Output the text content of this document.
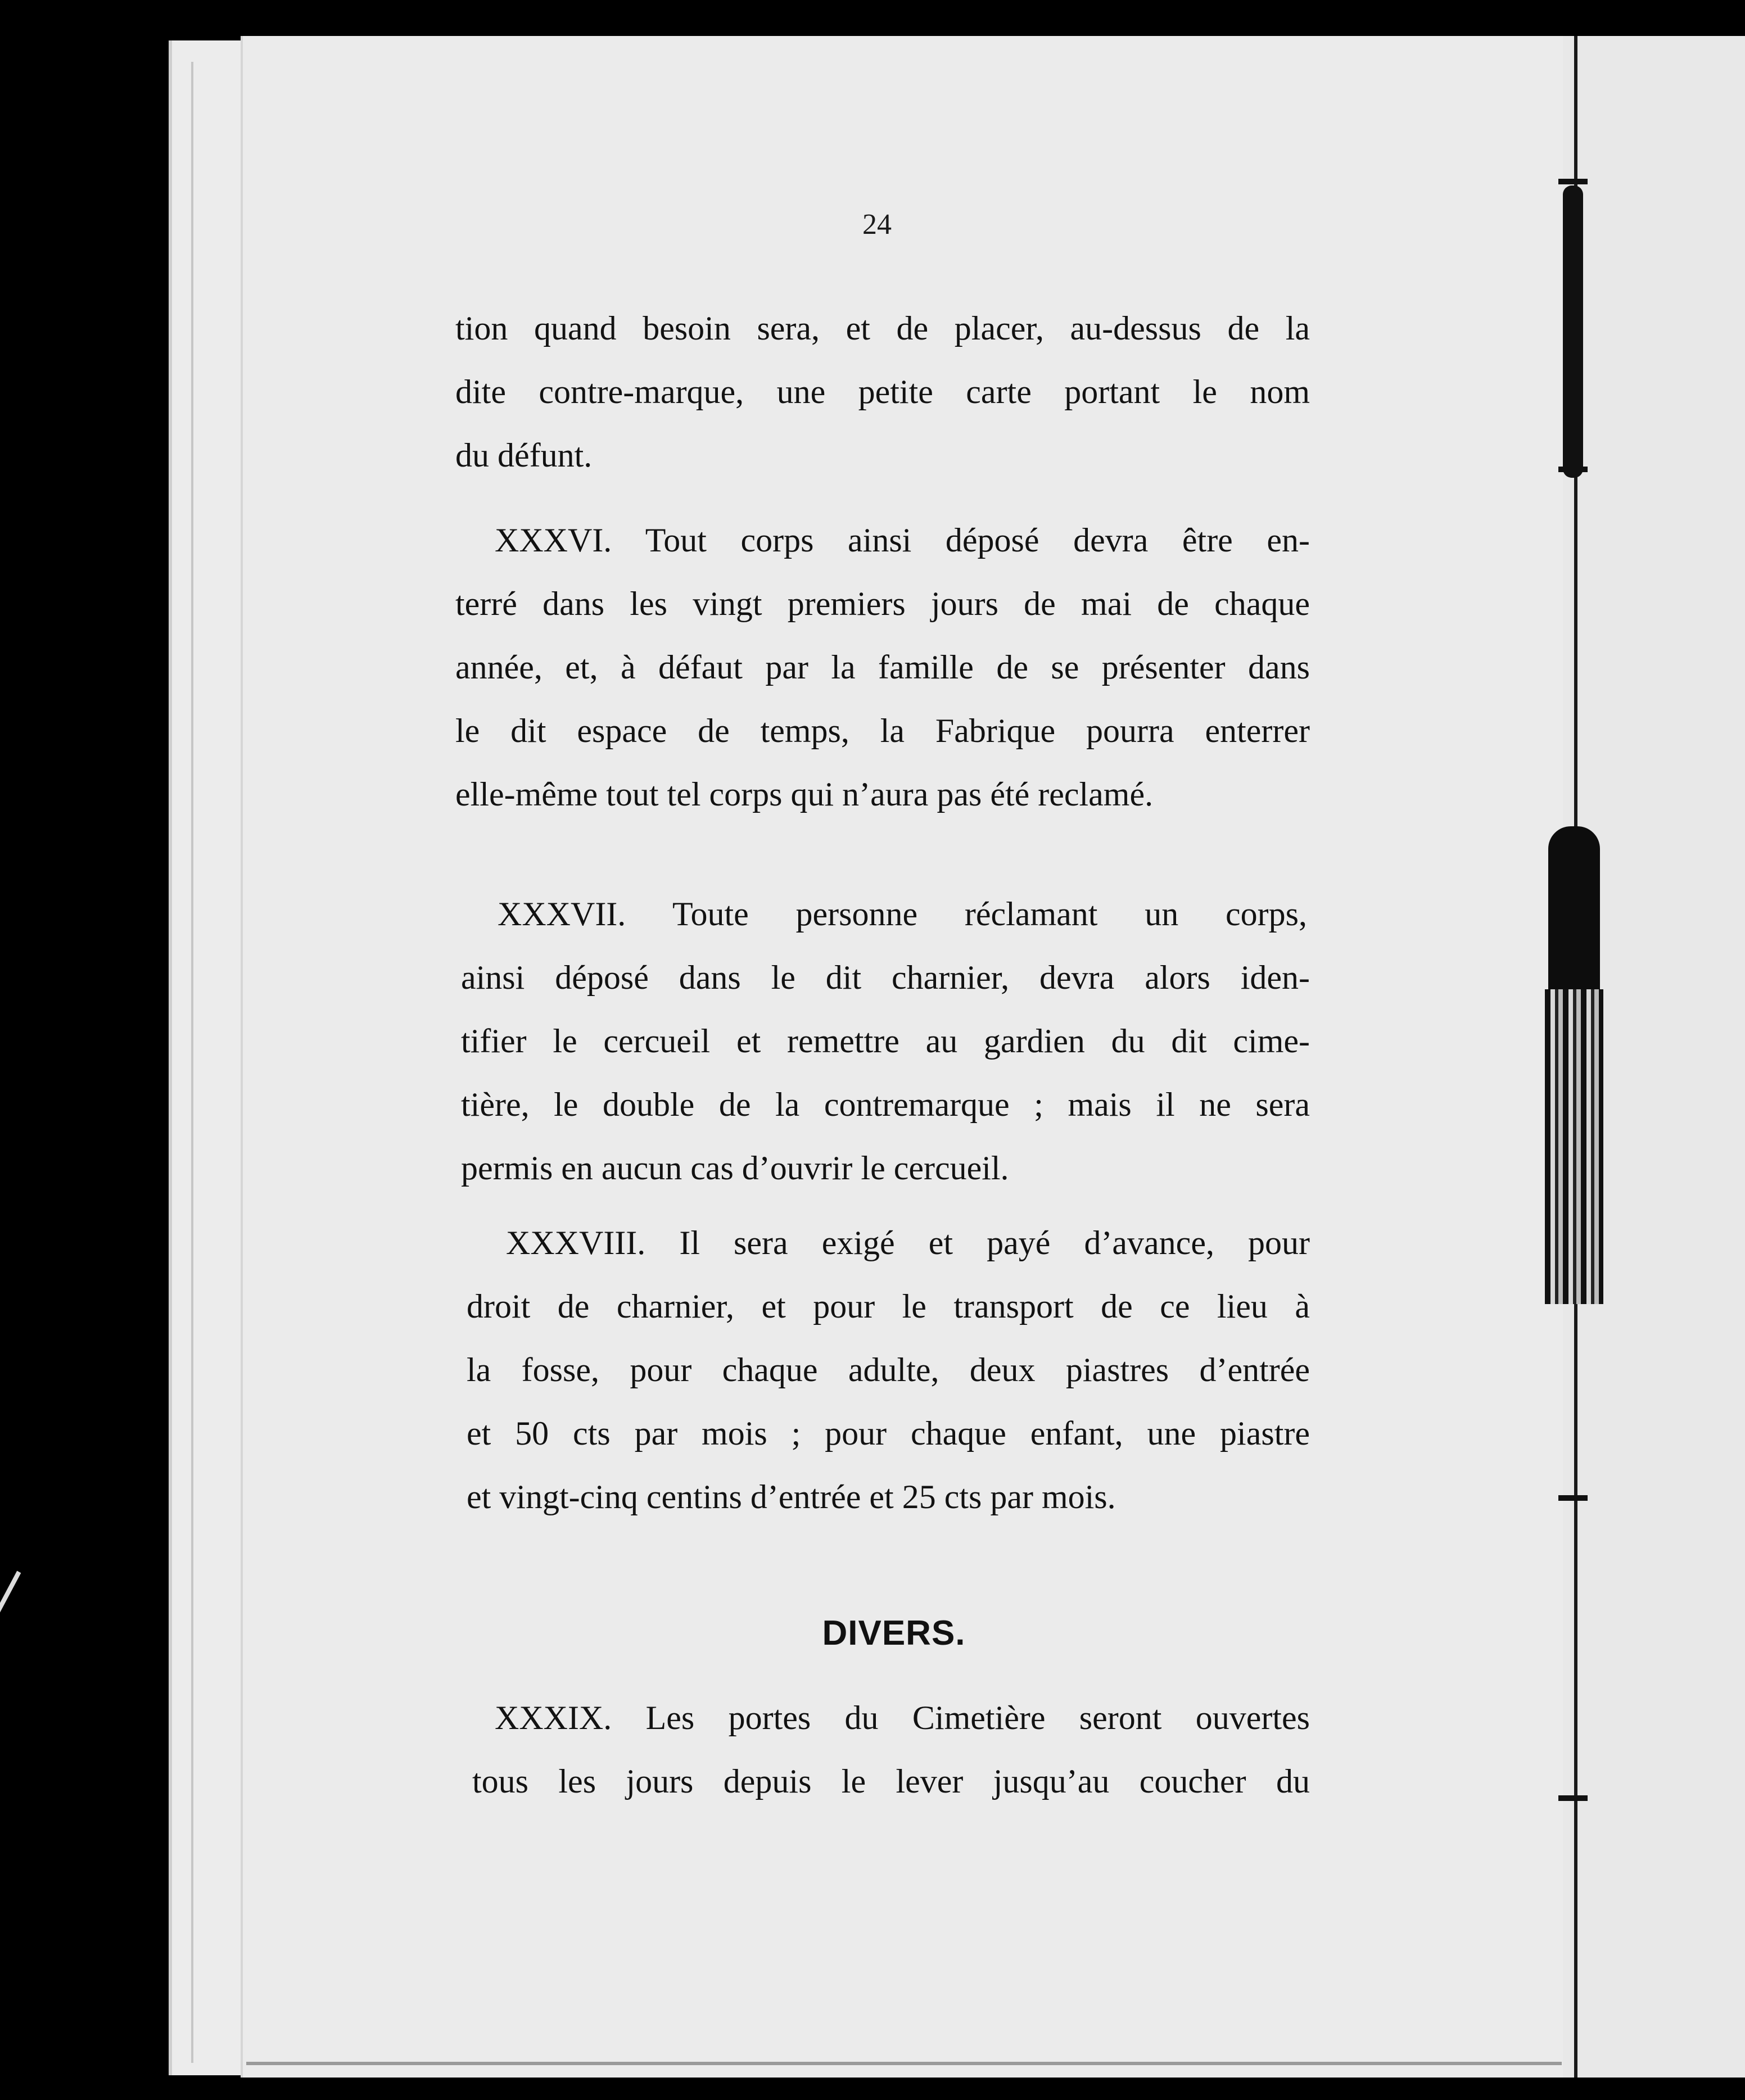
24
tion quand besoin sera, et de placer, au-dessus de la
dite contre-marque, une petite carte portant le nom
du défunt.
XXXVI. Tout corps ainsi déposé devra être en-
terré dans les vingt premiers jours de mai de chaque
année, et, à défaut par la famille de se présenter dans
le dit espace de temps, la Fabrique pourra enterrer
elle-même tout tel corps qui n’aura pas été reclamé.
XXXVII. Toute personne réclamant un corps,
ainsi déposé dans le dit charnier, devra alors iden-
tifier le cercueil et remettre au gardien du dit cime-
tière, le double de la contremarque ; mais il ne sera
permis en aucun cas d’ouvrir le cercueil.
XXXVIII. Il sera exigé et payé d’avance, pour
droit de charnier, et pour le transport de ce lieu à
la fosse, pour chaque adulte, deux piastres d’entrée
et 50 cts par mois ; pour chaque enfant, une piastre
et vingt-cinq centins d’entrée et 25 cts par mois.
DIVERS.
XXXIX. Les portes du Cimetière seront ouvertes
tous les jours depuis le lever jusqu’au coucher du
